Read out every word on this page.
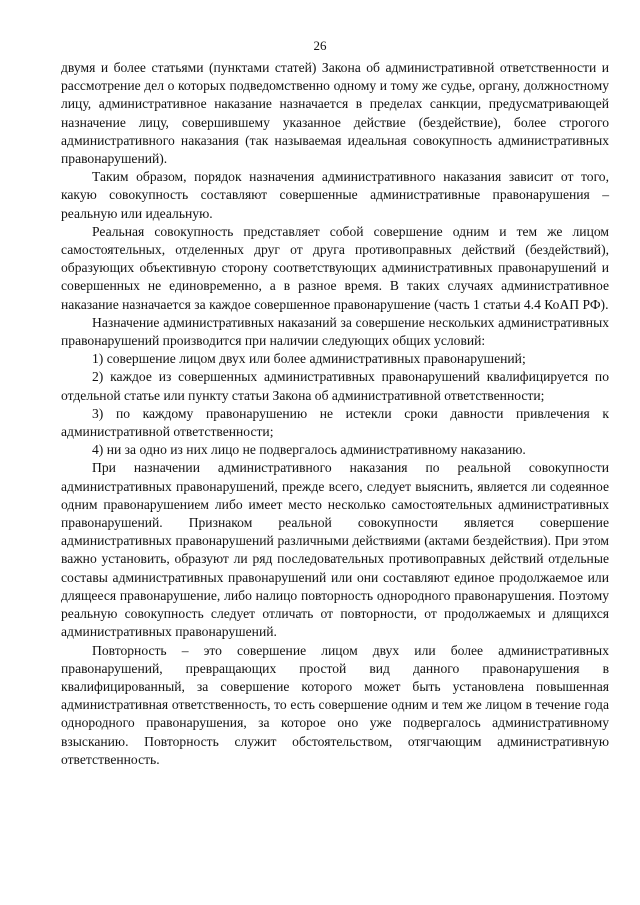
26

двумя и более статьями (пунктами статей) Закона об административной ответственности и рассмотрение дел о которых подведомственно одному и тому же судье, органу, должностному лицу, административное наказание назначается в пределах санкции, предусматривающей назначение лицу, совершившему указанное действие (бездействие), более строгого административного наказания (так называемая идеальная совокупность административных правонарушений).

Таким образом, порядок назначения административного наказания зависит от того, какую совокупность составляют совершенные административные правонарушения – реальную или идеальную.

Реальная совокупность представляет собой совершение одним и тем же лицом самостоятельных, отделенных друг от друга противоправных действий (бездействий), образующих объективную сторону соответствующих административных правонарушений и совершенных не единовременно, а в разное время. В таких случаях административное наказание назначается за каждое совершенное правонарушение (часть 1 статьи 4.4 КоАП РФ).

Назначение административных наказаний за совершение нескольких административных правонарушений производится при наличии следующих общих условий:

1) совершение лицом двух или более административных правонарушений;

2) каждое из совершенных административных правонарушений квалифицируется по отдельной статье или пункту статьи Закона об административной ответственности;

3) по каждому правонарушению не истекли сроки давности привлечения к административной ответственности;

4) ни за одно из них лицо не подвергалось административному наказанию.

При назначении административного наказания по реальной совокупности административных правонарушений, прежде всего, следует выяснить, является ли содеянное одним правонарушением либо имеет место несколько самостоятельных административных правонарушений. Признаком реальной совокупности является совершение административных правонарушений различными действиями (актами бездействия). При этом важно установить, образуют ли ряд последовательных противоправных действий отдельные составы административных правонарушений или они составляют единое продолжаемое или длящееся правонарушение, либо налицо повторность однородного правонарушения. Поэтому реальную совокупность следует отличать от повторности, от продолжаемых и длящихся административных правонарушений.

Повторность – это совершение лицом двух или более административных правонарушений, превращающих простой вид данного правонарушения в квалифицированный, за совершение которого может быть установлена повышенная административная ответственность, то есть совершение одним и тем же лицом в течение года однородного правонарушения, за которое оно уже подвергалось административному взысканию. Повторность служит обстоятельством, отягчающим административную ответственность.
